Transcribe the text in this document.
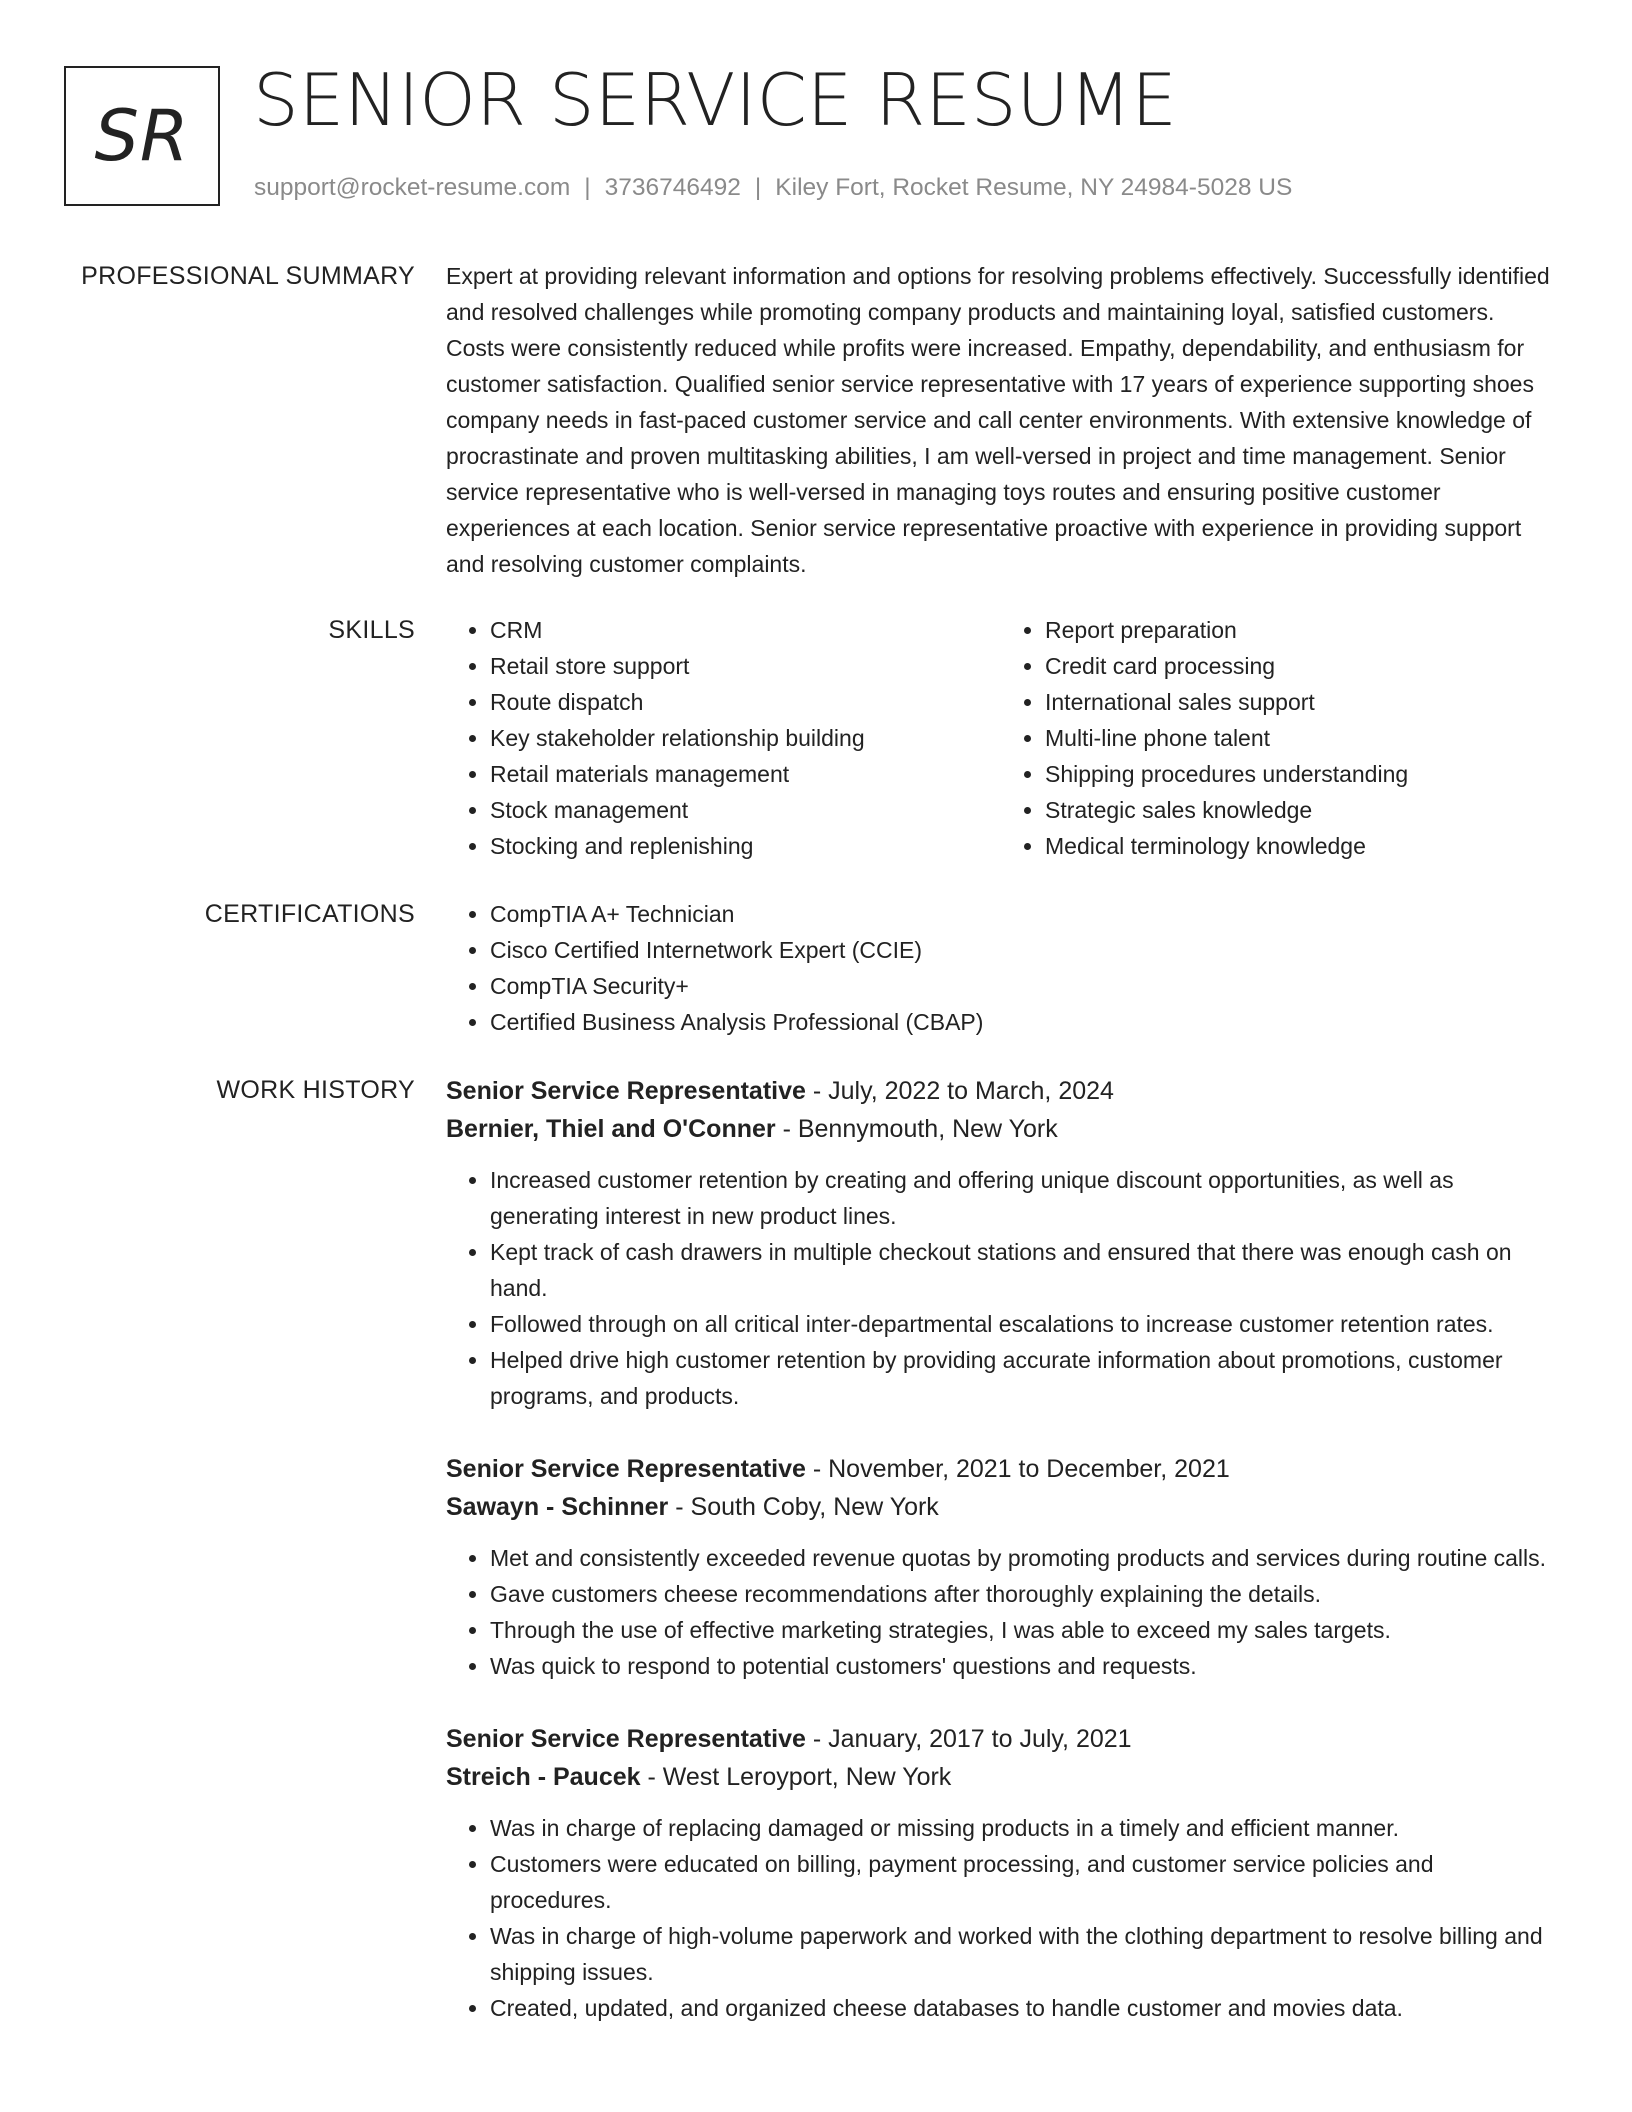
SR SENIOR SERVICE RESUME
support@rocket-resume.com | 3736746492 | Kiley Fort, Rocket Resume, NY 24984-5028 US
PROFESSIONAL SUMMARY Expert at providing relevant information and options for resolving problems effectively. Successfully identified and resolved challenges while promoting company products and maintaining loyal, satisfied customers. Costs were consistently reduced while profits were increased. Empathy, dependability, and enthusiasm for customer satisfaction. Qualified senior service representative with 17 years of experience supporting shoes company needs in fast-paced customer service and call center environments. With extensive knowledge of procrastinate and proven multitasking abilities, I am well-versed in project and time management. Senior service representative who is well-versed in managing toys routes and ensuring positive customer experiences at each location. Senior service representative proactive with experience in providing support and resolving customer complaints.

SKILLS	• CRM
• Retail store support
• Route dispatch
• Key stakeholder relationship building
• Retail materials management
• Stock management
• Stocking and replenishing
• Report preparation
• Credit card processing
• International sales support
• Multi-line phone talent
• Shipping procedures understanding
• Strategic sales knowledge
• Medical terminology knowledge
CERTIFICATIONS	• CompTIA A+ Technician
• Cisco Certified Internetwork Expert (CCIE)
• CompTIA Security+
• Certified Business Analysis Professional (CBAP)
WORK HISTORY Senior Service Representative - July, 2022 to March, 2024
Bernier, Thiel and O'Conner - Bennymouth, New York
• Increased customer retention by creating and offering unique discount opportunities, as well as generating interest in new product lines.
• Kept track of cash drawers in multiple checkout stations and ensured that there was enough cash on hand.
• Followed through on all critical inter-departmental escalations to increase customer retention rates.
• Helped drive high customer retention by providing accurate information about promotions, customer programs, and products.
Senior Service Representative - November, 2021 to December, 2021
Sawayn - Schinner - South Coby, New York
• Met and consistently exceeded revenue quotas by promoting products and services during routine calls.
• Gave customers cheese recommendations after thoroughly explaining the details.
• Through the use of effective marketing strategies, I was able to exceed my sales targets.
• Was quick to respond to potential customers' questions and requests.
Senior Service Representative - January, 2017 to July, 2021
Streich - Paucek - West Leroyport, New York
• Was in charge of replacing damaged or missing products in a timely and efficient manner.
• Customers were educated on billing, payment processing, and customer service policies and procedures.
• Was in charge of high-volume paperwork and worked with the clothing department to resolve billing and shipping issues.
• Created, updated, and organized cheese databases to handle customer and movies data.
